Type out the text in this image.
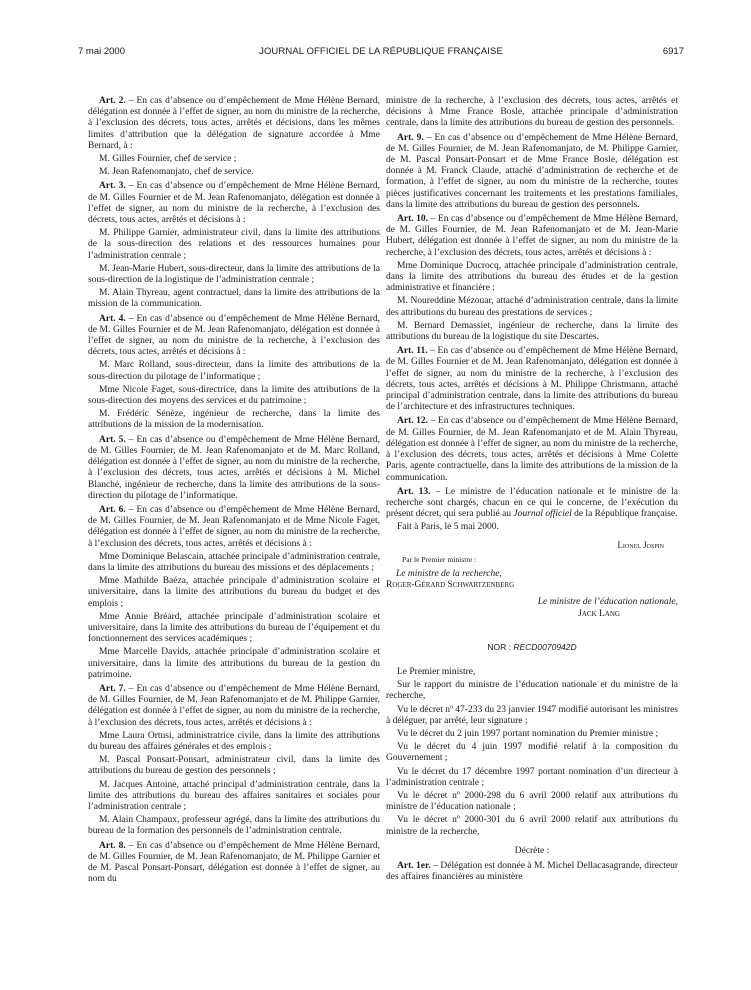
7 mai 2000	JOURNAL OFFICIEL DE LA RÉPUBLIQUE FRANÇAISE	6917

Art. 2. – En cas d’absence ou d’empêchement de Mme Hélène Bernard, délégation est donnée à l’effet de signer, au nom du ministre de la recherche, à l’exclusion des décrets, tous actes, arrêtés et décisions, dans les mêmes limites d’attribution que la délégation de signature accordée à Mme Bernard, à :

M. Gilles Fournier, chef de service ;

M. Jean Rafenomanjato, chef de service.

Art. 3. – En cas d’absence ou d’empêchement de Mme Hélène Bernard, de M. Gilles Fournier et de M. Jean Rafenomanjato, délégation est donnée à l’effet de signer, au nom du ministre de la recherche, à l’exclusion des décrets, tous actes, arrêtés et décisions à :

M. Philippe Garnier, administrateur civil, dans la limite des attributions de la sous-direction des relations et des ressources humaines pour l’administration centrale ;

M. Jean-Marie Hubert, sous-directeur, dans la limite des attributions de la sous-direction de la logistique de l’administration centrale ;

M. Alain Thyreau, agent contractuel, dans la limite des attributions de la mission de la communication.

Art. 4. – En cas d’absence ou d’empêchement de Mme Hélène Bernard, de M. Gilles Fournier et de M. Jean Rafenomanjato, délégation est donnée à l’effet de signer, au nom du ministre de la recherche, à l’exclusion des décrets, tous actes, arrêtés et décisions à :

M. Marc Rolland, sous-directeur, dans la limite des attributions de la sous-direction du pilotage de l’informatique ;

Mme Nicole Faget, sous-directrice, dans la limite des attributions de la sous-direction des moyens des services et du patrimoine ;

M. Frédéric Sénèze, ingénieur de recherche, dans la limite des attributions de la mission de la modernisation.

Art. 5. – En cas d’absence ou d’empêchement de Mme Hélène Bernard, de M. Gilles Fournier, de M. Jean Rafenomanjato et de M. Marc Rolland, délégation est donnée à l’effet de signer, au nom du ministre de la recherche, à l’exclusion des décrets, tous actes, arrêtés et décisions à M. Michel Blanché, ingénieur de recherche, dans la limite des attributions de la sous-direction du pilotage de l’informatique.

Art. 6. – En cas d’absence ou d’empêchement de Mme Hélène Bernard, de M. Gilles Fournier, de M. Jean Rafenomanjato et de Mme Nicole Faget, délégation est donnée à l’effet de signer, au nom du ministre de la recherche, à l’exclusion des décrets, tous actes, arrêtés et décisions à :

Mme Dominique Belascain, attachée principale d’administration centrale, dans la limite des attributions du bureau des missions et des déplacements ;

Mme Mathilde Baéza, attachée principale d’administration scolaire et universitaire, dans la limite des attributions du bureau du budget et des emplois ;

Mme Annie Bréard, attachée principale d’administration scolaire et universitaire, dans la limite des attributions du bureau de l’équipement et du fonctionnement des services académiques ;

Mme Marcelle Davids, attachée principale d’administration scolaire et universitaire, dans la limite des attributions du bureau de la gestion du patrimoine.

Art. 7. – En cas d’absence ou d’empêchement de Mme Hélène Bernard, de M. Gilles Fournier, de M. Jean Rafenomanjato et de M. Philippe Garnier, délégation est donnée à l’effet de signer, au nom du ministre de la recherche, à l’exclusion des décrets, tous actes, arrêtés et décisions à :

Mme Laura Ortusi, administratrice civile, dans la limite des attributions du bureau des affaires générales et des emplois ;

M. Pascal Ponsart-Ponsart, administrateur civil, dans la limite des attributions du bureau de gestion des personnels ;

M. Jacques Antoine, attaché principal d’administration centrale, dans la limite des attributions du bureau des affaires sanitaires et sociales pour l’administration centrale ;

M. Alain Champaux, professeur agrégé, dans la limite des attributions du bureau de la formation des personnels de l’administration centrale.

Art. 8. – En cas d’absence ou d’empêchement de Mme Hélène Bernard, de M. Gilles Fournier, de M. Jean Rafenomanjato, de M. Philippe Garnier et de M. Pascal Ponsart-Ponsart, délégation est donnée à l’effet de signer, au nom du

ministre de la recherche, à l’exclusion des décrets, tous actes, arrêtés et décisions à Mme France Bosle, attachée principale d’administration centrale, dans la limite des attributions du bureau de gestion des personnels.

Art. 9. – En cas d’absence ou d’empêchement de Mme Hélène Bernard, de M. Gilles Fournier, de M. Jean Rafenomanjato, de M. Philippe Garnier, de M. Pascal Ponsart-Ponsart et de Mme France Bosle, délégation est donnée à M. Franck Claude, attaché d’administration de recherche et de formation, à l’effet de signer, au nom du ministre de la recherche, toutes pièces justificatives concernant les traitements et les prestations familiales, dans la limite des attributions du bureau de gestion des personnels.

Art. 10. – En cas d’absence ou d’empêchement de Mme Hélène Bernard, de M. Gilles Fournier, de M. Jean Rafenomanjato et de M. Jean-Marie Hubert, délégation est donnée à l’effet de signer, au nom du ministre de la recherche, à l’exclusion des décrets, tous actes, arrêtés et décisions à :

Mme Dominique Ducrocq, attachée principale d’administration centrale, dans la limite des attributions du bureau des études et de la gestion administrative et financière ;

M. Noureddine Mézouar, attaché d’administration centrale, dans la limite des attributions du bureau des prestations de services ;

M. Bernard Demassiet, ingénieur de recherche, dans la limite des attributions du bureau de la logistique du site Descartes.

Art. 11. – En cas d’absence ou d’empêchement de Mme Hélène Bernard, de M. Gilles Fournier et de M. Jean Rafenomanjato, délégation est donnée à l’effet de signer, au nom du ministre de la recherche, à l’exclusion des décrets, tous actes, arrêtés et décisions à M. Philippe Christmann, attaché principal d’administration centrale, dans la limite des attributions du bureau de l’architecture et des infrastructures techniques.

Art. 12. – En cas d’absence ou d’empêchement de Mme Hélène Bernard, de M. Gilles Fournier, de M. Jean Rafenomanjato et de M. Alain Thyreau, délégation est donnée à l’effet de signer, au nom du ministre de la recherche, à l’exclusion des décrets, tous actes, arrêtés et décisions à Mme Colette Paris, agente contractuelle, dans la limite des attributions de la mission de la communication.

Art. 13. – Le ministre de l’éducation nationale et le ministre de la recherche sont chargés, chacun en ce qui le concerne, de l’exécution du présent décret, qui sera publié au Journal officiel de la République française.

Fait à Paris, le 5 mai 2000.

Lionel Jospin

Par le Premier ministre :

Le ministre de la recherche,

Roger-Gérard Schwartzenberg

Le ministre de l’éducation nationale,

Jack Lang

NOR : RECD0070942D

Le Premier ministre,

Sur le rapport du ministre de l’éducation nationale et du ministre de la recherche,

Vu le décret nº 47-233 du 23 janvier 1947 modifié autorisant les ministres à déléguer, par arrêté, leur signature ;

Vu le décret du 2 juin 1997 portant nomination du Premier ministre ;

Vu le décret du 4 juin 1997 modifié relatif à la composition du Gouvernement ;

Vu le décret du 17 décembre 1997 portant nomination d’un directeur à l’administration centrale ;

Vu le décret nº 2000-298 du 6 avril 2000 relatif aux attributions du ministre de l’éducation nationale ;

Vu le décret nº 2000-301 du 6 avril 2000 relatif aux attributions du ministre de la recherche,

Décrète :

Art. 1er. – Délégation est donnée à M. Michel Dellacasagrande, directeur des affaires financières au ministère
